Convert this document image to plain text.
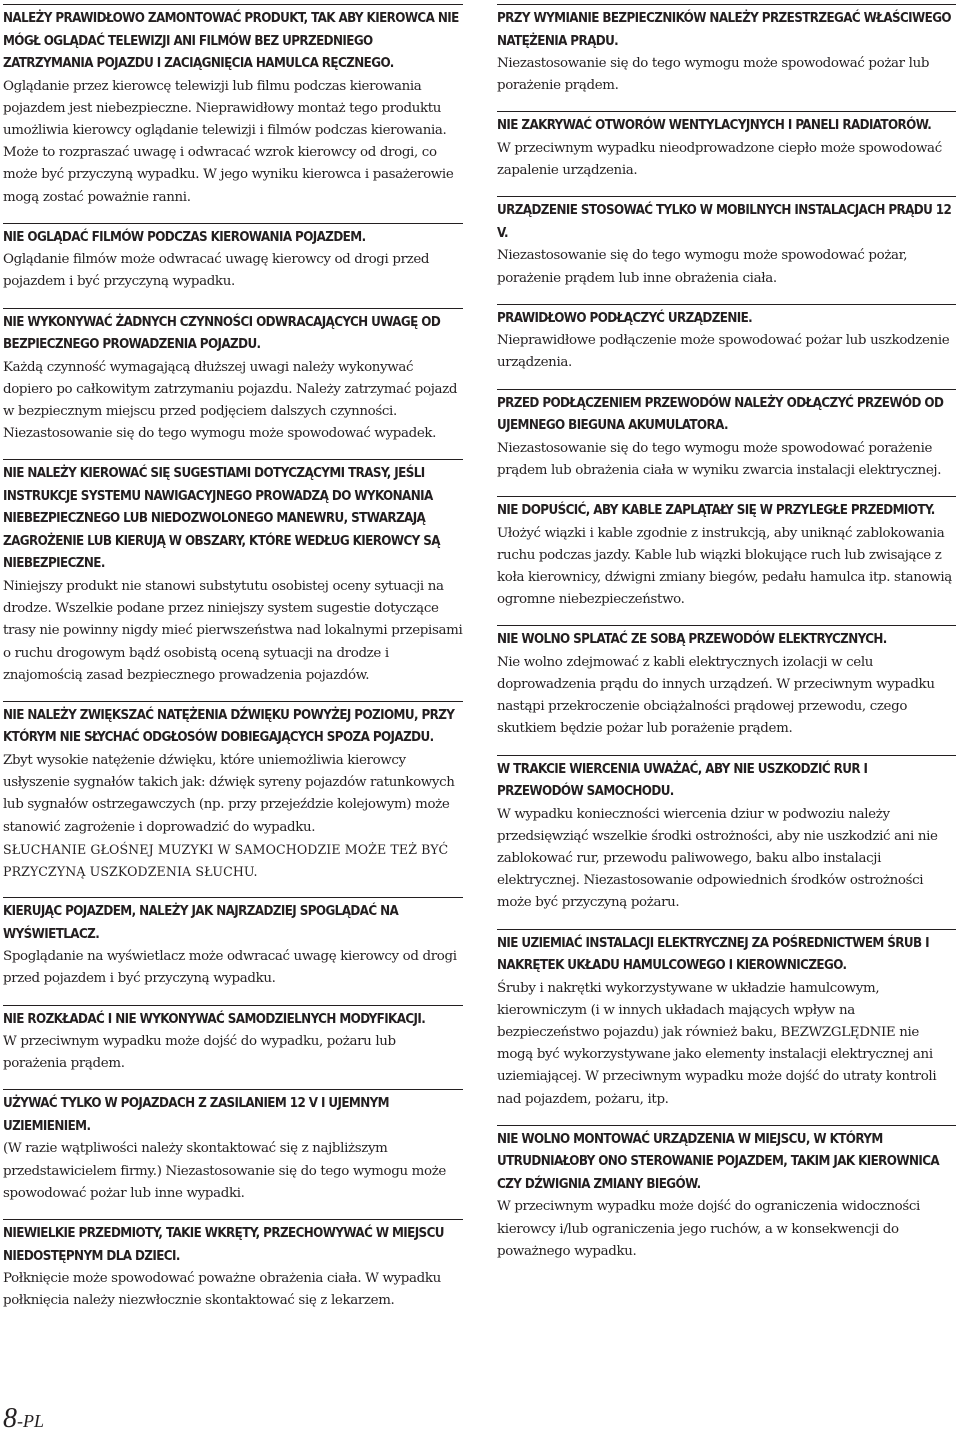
NALEŻY PRAWIDŁOWO ZAMONTOWAĆ PRODUKT, TAK ABY KIEROWCA NIE MÓGŁ OGLĄDAĆ TELEWIZJI ANI FILMÓW BEZ UPRZEDNIEGO ZATRZYMANIA POJAZDU I ZACIĄGNIĘCIA HAMULCA RĘCZNEGO.

Oglądanie przez kierowcę telewizji lub filmu podczas kierowania pojazdem jest niebezpieczne. Nieprawidłowy montaż tego produktu umożliwia kierowcy oglądanie telewizji i filmów podczas kierowania. Może to rozpraszać uwagę i odwracać wzrok kierowcy od drogi, co może być przyczyną wypadku. W jego wyniku kierowca i pasażerowie mogą zostać poważnie ranni.

NIE OGLĄDAĆ FILMÓW PODCZAS KIEROWANIA POJAZDEM.

Oglądanie filmów może odwracać uwagę kierowcy od drogi przed pojazdem i być przyczyną wypadku.

NIE WYKONYWAĆ ŻADNYCH CZYNNOŚCI ODWRACAJĄCYCH UWAGĘ OD BEZPIECZNEGO PROWADZENIA POJAZDU.

Każdą czynność wymagającą dłuższej uwagi należy wykonywać dopiero po całkowitym zatrzymaniu pojazdu. Należy zatrzymać pojazd w bezpiecznym miejscu przed podjęciem dalszych czynności. Niezastosowanie się do tego wymogu może spowodować wypadek.

NIE NALEŻY KIEROWAĆ SIĘ SUGESTIAMI DOTYCZĄCYMI TRASY, JEŚLI INSTRUKCJE SYSTEMU NAWIGACYJNEGO PROWADZĄ DO WYKONANIA NIEBEZPIECZNEGO LUB NIEDOZWOLONEGO MANEWRU, STWARZAJĄ ZAGROŻENIE LUB KIERUJĄ W OBSZARY, KTÓRE WEDŁUG KIEROWCY SĄ NIEBEZPIECZNE.

Niniejszy produkt nie stanowi substytutu osobistej oceny sytuacji na drodze. Wszelkie podane przez niniejszy system sugestie dotyczące trasy nie powinny nigdy mieć pierwszeństwa nad lokalnymi przepisami o ruchu drogowym bądź osobistą oceną sytuacji na drodze i znajomością zasad bezpiecznego prowadzenia pojazdów.

NIE NALEŻY ZWIĘKSZAĆ NATĘŻENIA DŹWIĘKU POWYŻEJ POZIOMU, PRZY KTÓRYM NIE SŁYCHAĆ ODGŁOSÓW DOBIEGAJĄCYCH SPOZA POJAZDU.

Zbyt wysokie natężenie dźwięku, które uniemożliwia kierowcy usłyszenie sygnałów takich jak: dźwięk syreny pojazdów ratunkowych lub sygnałów ostrzegawczych (np. przy przejeździe kolejowym) może stanowić zagrożenie i doprowadzić do wypadku.

SŁUCHANIE GŁOŚNEJ MUZYKI W SAMOCHODZIE MOŻE TEŻ BYĆ PRZYCZYNĄ USZKODZENIA SŁUCHU.

KIERUJĄC POJAZDEM, NALEŻY JAK NAJRZADZIEJ SPOGLĄDAĆ NA WYŚWIETLACZ.

Spoglądanie na wyświetlacz może odwracać uwagę kierowcy od drogi przed pojazdem i być przyczyną wypadku.

NIE ROZKŁADAĆ I NIE WYKONYWAĆ SAMODZIELNYCH MODYFIKACJI.

W przeciwnym wypadku może dojść do wypadku, pożaru lub porażenia prądem.

UŻYWAĆ TYLKO W POJAZDACH Z ZASILANIEM 12 V I UJEMNYM UZIEMIENIEM.

(W razie wątpliwości należy skontaktować się z najbliższym przedstawicielem firmy.) Niezastosowanie się do tego wymogu może spowodować pożar lub inne wypadki.

NIEWIELKIE PRZEDMIOTY, TAKIE WKRĘTY, PRZECHOWYWAĆ W MIEJSCU NIEDOSTĘPNYM DLA DZIECI.

Połknięcie może spowodować poważne obrażenia ciała. W wypadku połknięcia należy niezwłocznie skontaktować się z lekarzem.

PRZY WYMIANIE BEZPIECZNIKÓW NALEŻY PRZESTRZEGAĆ WŁAŚCIWEGO NATĘŻENIA PRĄDU.

Niezastosowanie się do tego wymogu może spowodować pożar lub porażenie prądem.

NIE ZAKRYWAĆ OTWORÓW WENTYLACYJNYCH I PANELI RADIATORÓW.

W przeciwnym wypadku nieodprowadzone ciepło może spowodować zapalenie urządzenia.

URZĄDZENIE STOSOWAĆ TYLKO W MOBILNYCH INSTALACJACH PRĄDU 12 V.

Niezastosowanie się do tego wymogu może spowodować pożar, porażenie prądem lub inne obrażenia ciała.

PRAWIDŁOWO PODŁĄCZYĆ URZĄDZENIE.

Nieprawidłowe podłączenie może spowodować pożar lub uszkodzenie urządzenia.

PRZED PODŁĄCZENIEM PRZEWODÓW NALEŻY ODŁĄCZYĆ PRZEWÓD OD UJEMNEGO BIEGUNA AKUMULATORA.

Niezastosowanie się do tego wymogu może spowodować porażenie prądem lub obrażenia ciała w wyniku zwarcia instalacji elektrycznej.

NIE DOPUŚCIĆ, ABY KABLE ZAPLĄTAŁY SIĘ W PRZYLEGŁE PRZEDMIOTY.

Ułożyć wiązki i kable zgodnie z instrukcją, aby uniknąć zablokowania ruchu podczas jazdy. Kable lub wiązki blokujące ruch lub zwisające z koła kierownicy, dźwigni zmiany biegów, pedału hamulca itp. stanowią ogromne niebezpieczeństwo.

NIE WOLNO SPLATAĆ ZE SOBĄ PRZEWODÓW ELEKTRYCZNYCH.

Nie wolno zdejmować z kabli elektrycznych izolacji w celu doprowadzenia prądu do innych urządzeń. W przeciwnym wypadku nastąpi przekroczenie obciążalności prądowej przewodu, czego skutkiem będzie pożar lub porażenie prądem.

W TRAKCIE WIERCENIA UWAŻAĆ, ABY NIE USZKODZIĆ RUR I PRZEWODÓW SAMOCHODU.

W wypadku konieczności wiercenia dziur w podwoziu należy przedsięwziąć wszelkie środki ostrożności, aby nie uszkodzić ani nie zablokować rur, przewodu paliwowego, baku albo instalacji elektrycznej. Niezastosowanie odpowiednich środków ostrożności może być przyczyną pożaru.

NIE UZIEMIAĆ INSTALACJI ELEKTRYCZNEJ ZA POŚREDNICTWEM ŚRUB I NAKRĘTEK UKŁADU HAMULCOWEGO I KIEROWNICZEGO.

Śruby i nakrętki wykorzystywane w układzie hamulcowym, kierowniczym (i w innych układach mających wpływ na bezpieczeństwo pojazdu) jak również baku, BEZWZGLĘDNIE nie mogą być wykorzystywane jako elementy instalacji elektrycznej ani uziemiającej. W przeciwnym wypadku może dojść do utraty kontroli nad pojazdem, pożaru, itp.

NIE WOLNO MONTOWAĆ URZĄDZENIA W MIEJSCU, W KTÓRYM UTRUDNIAŁOBY ONO STEROWANIE POJAZDEM, TAKIM JAK KIEROWNICA CZY DŹWIGNIA ZMIANY BIEGÓW.

W przeciwnym wypadku może dojść do ograniczenia widoczności kierowcy i/lub ograniczenia jego ruchów, a w konsekwencji do poważnego wypadku.

8-PL
